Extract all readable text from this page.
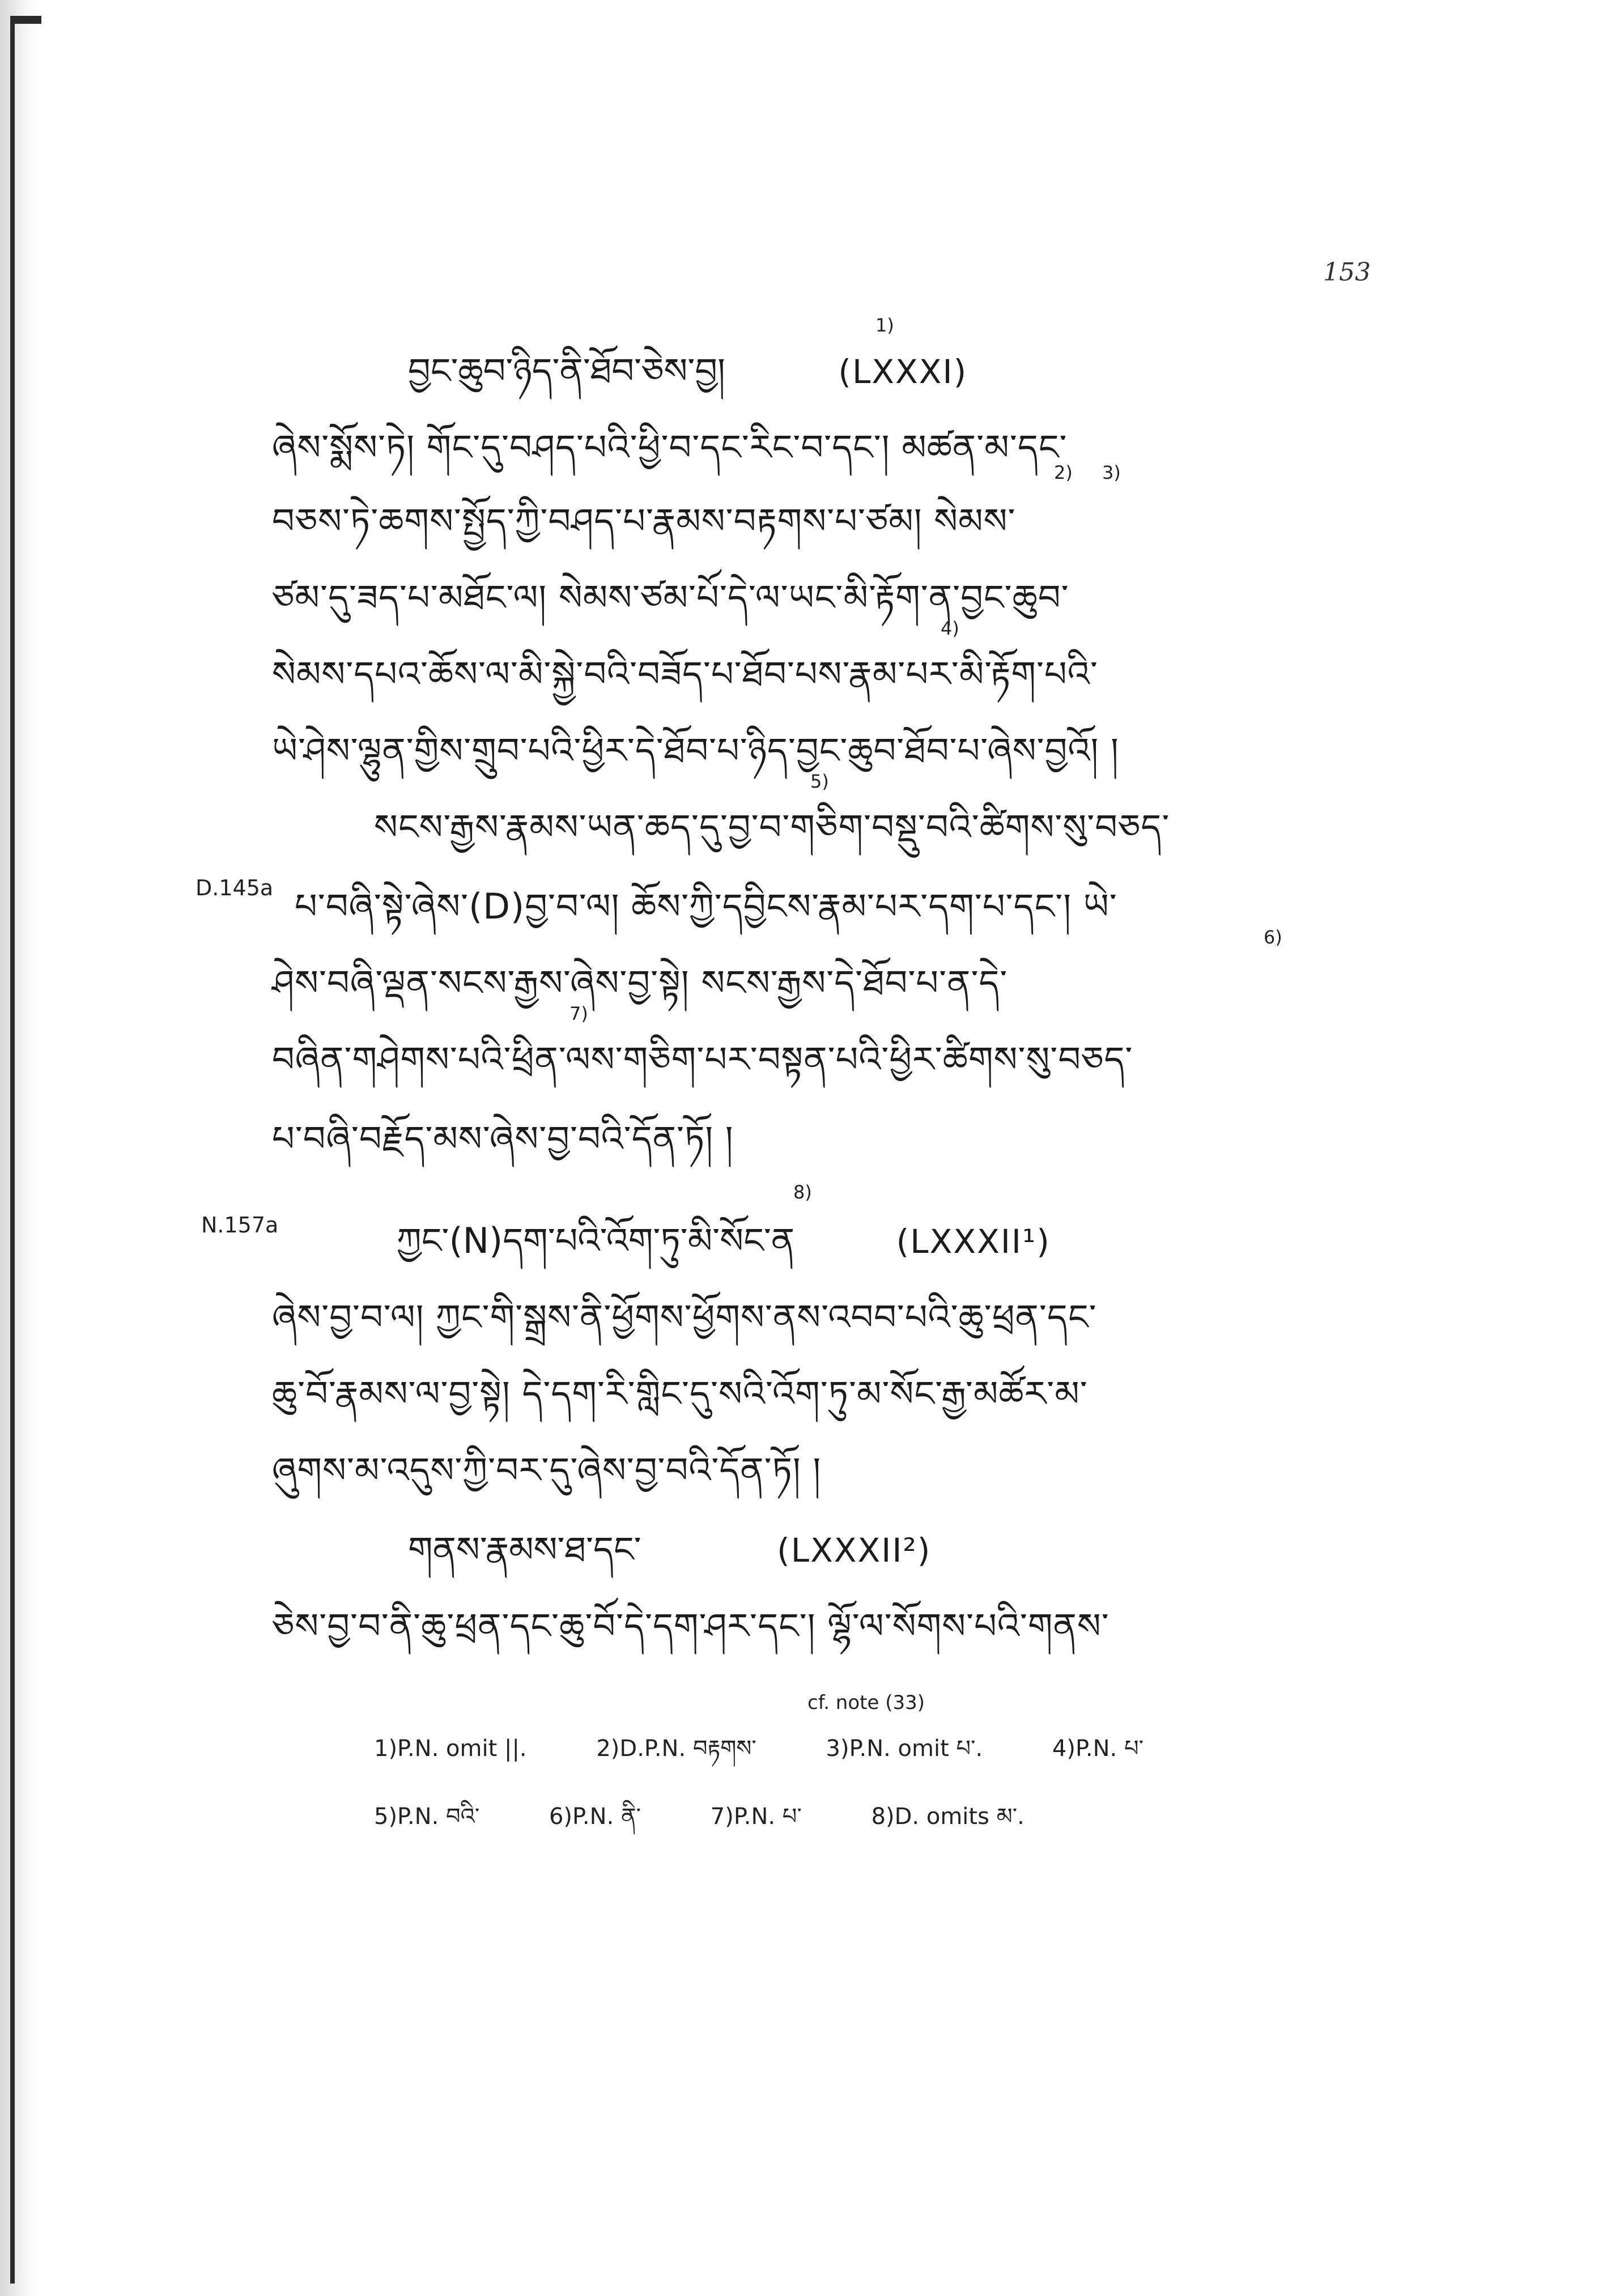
153
བྱང་ཆུབ་ཉིད་ནི་ཐོབ་ཅེས་བྱ།	(LXXXI)
1)
ཞེས་སྨོས་ཏེ། གོང་དུ་བཤད་པའི་ཕྱི་བ་དང་རིང་བ་དང་། མཚན་མ་དང་
2) 3)
བཅས་ཏེ་ཆགས་སྤྱོད་ཀྱི་བཤད་པ་རྣམས་བརྟགས་པ་ཙམ། སེམས་
ཙམ་དུ་ཟད་པ་མཐོང་ལ། སེམས་ཙམ་པོ་དེ་ལ་ཡང་མི་རྟོག་ན་བྱང་ཆུབ་
4)
སེམས་དཔའ་ཆོས་ལ་མི་སྐྱེ་བའི་བཟོད་པ་ཐོབ་པས་རྣམ་པར་མི་རྟོག་པའི་
ཡེ་ཤེས་ལྷུན་གྱིས་གྲུབ་པའི་ཕྱིར་དེ་ཐོབ་པ་ཉིད་བྱང་ཆུབ་ཐོབ་པ་ཞེས་བྱའོ། །
5)
སངས་རྒྱས་རྣམས་ཡན་ཆད་དུ་བྱ་བ་གཅིག་བསྡུ་བའི་ཚིགས་སུ་བཅད་
D.145a པ་བཞི་སྟེ་ཞེས་(D)བྱ་བ་ལ། ཆོས་ཀྱི་དབྱིངས་རྣམ་པར་དག་པ་དང་། ཡེ་
6)
ཤེས་བཞི་ལྡན་སངས་རྒྱས་ཞེས་བྱ་སྟེ། སངས་རྒྱས་དེ་ཐོབ་པ་ན་དེ་
7)
བཞིན་གཤེགས་པའི་ཕྲིན་ལས་གཅིག་པར་བསྟན་པའི་ཕྱིར་ཚིགས་སུ་བཅད་
པ་བཞི་བརྗོད་མས་ཞེས་བྱ་བའི་དོན་ཏོ། །
N.157a
8)
ཀྱང་(N)དག་པའི་འོག་ཏུ་མི་སོང་ན	(LXXXII¹)
ཞེས་བྱ་བ་ལ། ཀྱང་གི་སྒྲས་ནི་ཕྱོགས་ཕྱོགས་ནས་འབབ་པའི་ཆུ་ཕྲན་དང་
ཆུ་བོ་རྣམས་ལ་བྱ་སྟེ། དེ་དག་རི་གླིང་དུ་སའི་འོག་ཏུ་མ་སོང་རྒྱ་མཚོར་མ་
ཞུགས་མ་འདུས་ཀྱི་བར་དུ་ཞེས་བྱ་བའི་དོན་ཏོ། །
གནས་རྣམས་ཐ་དང་	(LXXXII²)
ཅེས་བྱ་བ་ནི་ཆུ་ཕྲན་དང་ཆུ་བོ་དེ་དག་ཤར་དང་། ལྷོ་ལ་སོགས་པའི་གནས་
cf. note (33)
1)P.N. omit ||.	2)D.P.N. བརྟགས་	3)P.N. omit པ་.	4)P.N. པ་
5)P.N. བའི་	6)P.N. ནི་	7)P.N. པ་	8)D. omits མ་.
